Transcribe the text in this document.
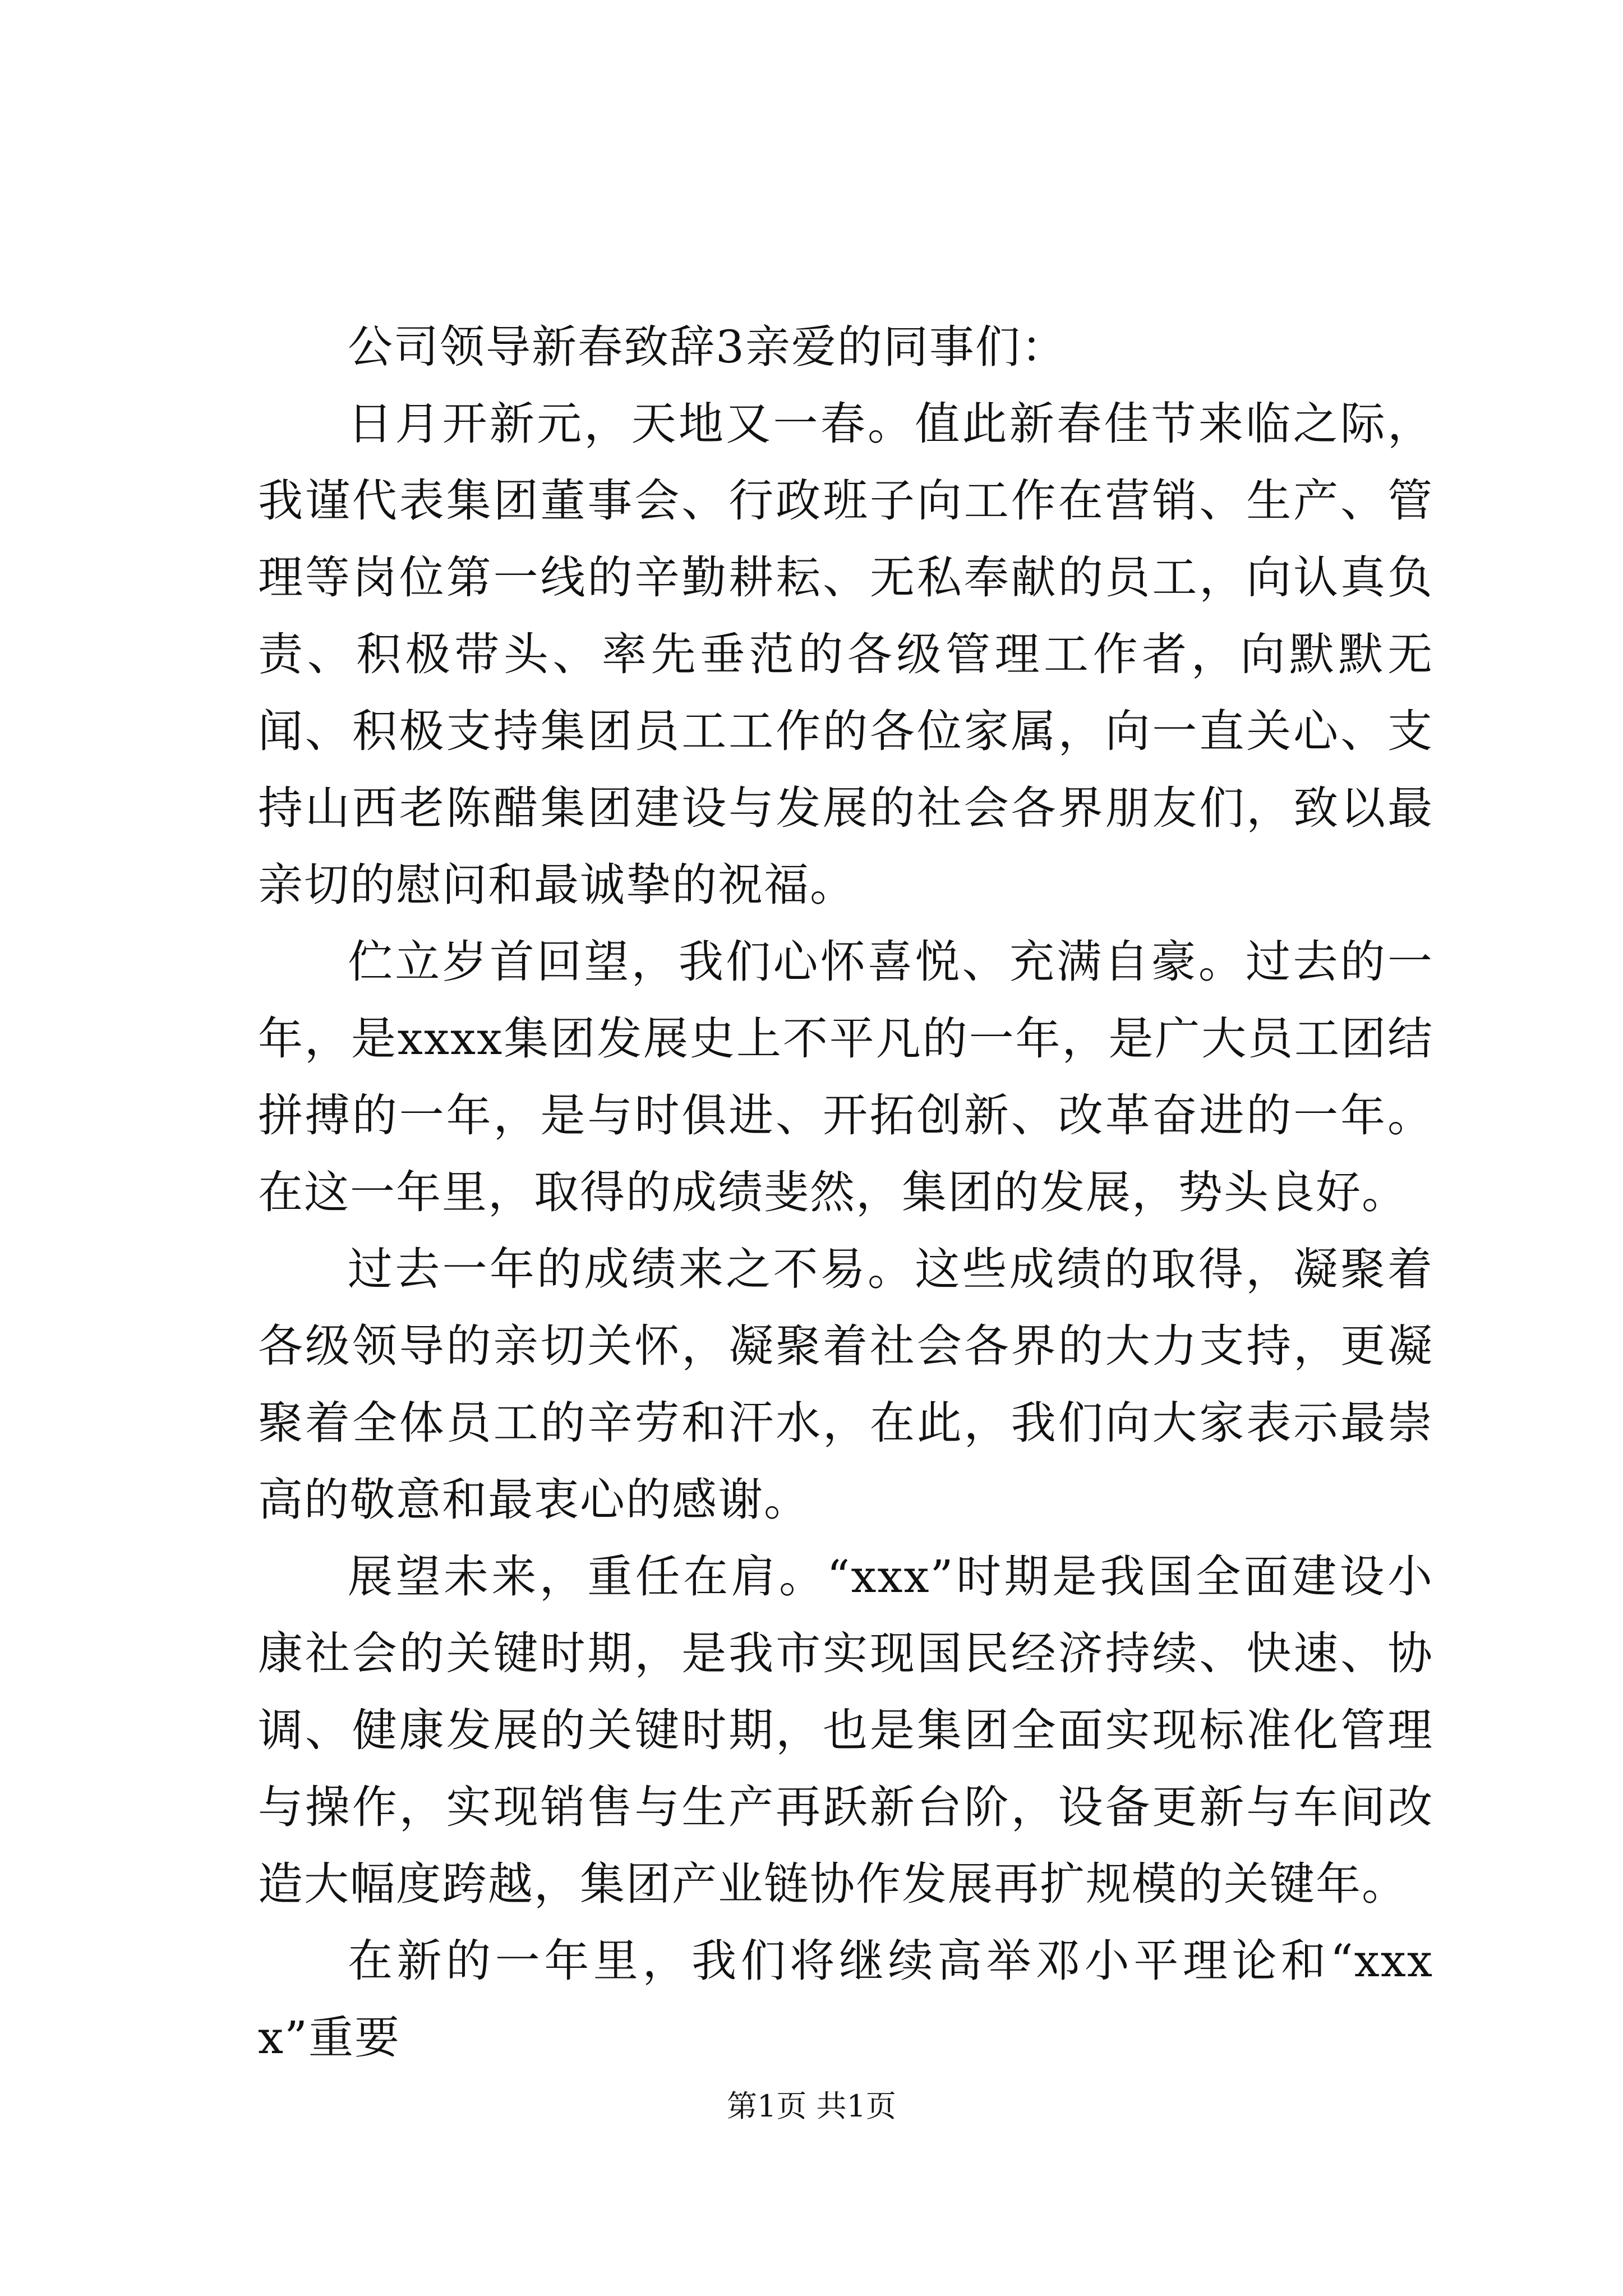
公司领导新春致辞3亲爱的同事们：

日月开新元，天地又一春。值此新春佳节来临之际，我谨代表集团董事会、行政班子向工作在营销、生产、管理等岗位第一线的辛勤耕耘、无私奉献的员工，向认真负责、积极带头、率先垂范的各级管理工作者，向默默无闻、积极支持集团员工工作的各位家属，向一直关心、支持山西老陈醋集团建设与发展的社会各界朋友们，致以最亲切的慰问和最诚挚的祝福。

伫立岁首回望，我们心怀喜悦、充满自豪。过去的一年，是xxxx集团发展史上不平凡的一年，是广大员工团结拼搏的一年，是与时俱进、开拓创新、改革奋进的一年。在这一年里，取得的成绩斐然，集团的发展，势头良好。

过去一年的成绩来之不易。这些成绩的取得，凝聚着各级领导的亲切关怀，凝聚着社会各界的大力支持，更凝聚着全体员工的辛劳和汗水，在此，我们向大家表示最崇高的敬意和最衷心的感谢。

展望未来，重任在肩。“xxx”时期是我国全面建设小康社会的关键时期，是我市实现国民经济持续、快速、协调、健康发展的关键时期，也是集团全面实现标准化管理与操作，实现销售与生产再跃新台阶，设备更新与车间改造大幅度跨越，集团产业链协作发展再扩规模的关键年。

在新的一年里，我们将继续高举邓小平理论和“xxxx”重要

第1页 共1页
